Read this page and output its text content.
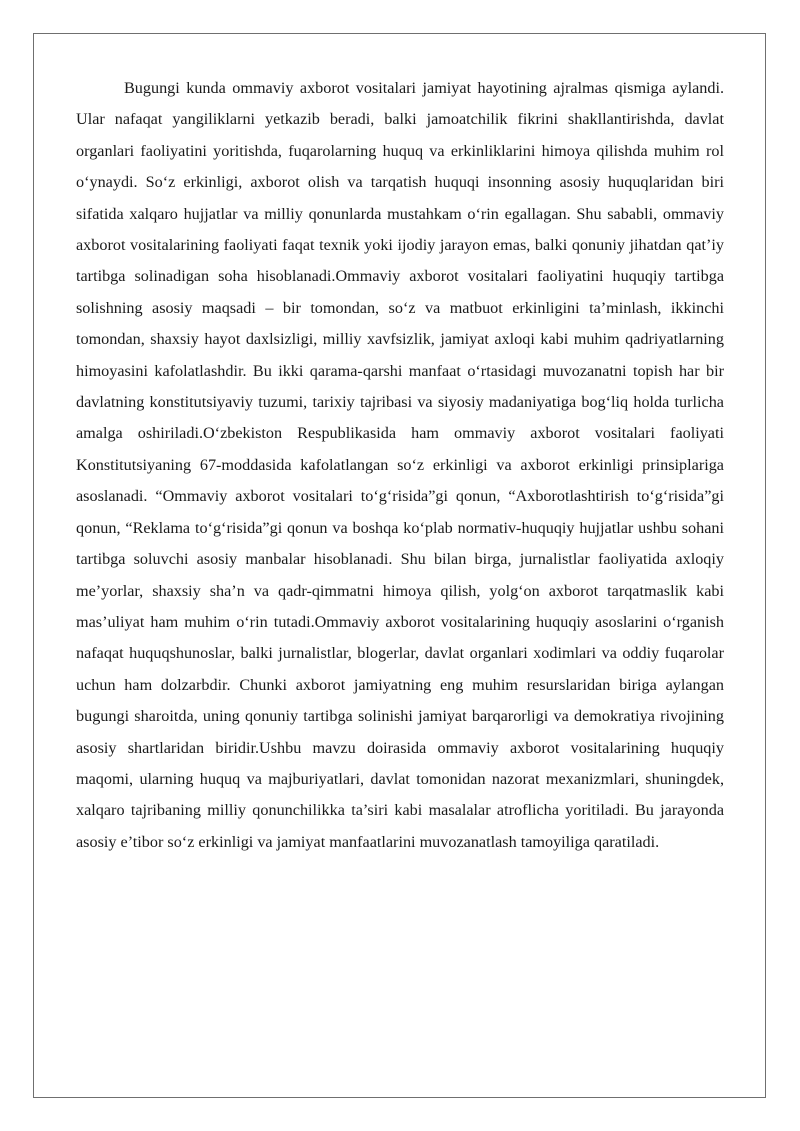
Bugungi kunda ommaviy axborot vositalari jamiyat hayotining ajralmas qismiga aylandi. Ular nafaqat yangiliklarni yetkazib beradi, balki jamoatchilik fikrini shakllantirishda, davlat organlari faoliyatini yoritishda, fuqarolarning huquq va erkinliklarini himoya qilishda muhim rol o‘ynaydi. So‘z erkinligi, axborot olish va tarqatish huquqi insonning asosiy huquqlaridan biri sifatida xalqaro hujjatlar va milliy qonunlarda mustahkam o‘rin egallagan. Shu sababli, ommaviy axborot vositalarining faoliyati faqat texnik yoki ijodiy jarayon emas, balki qonuniy jihatdan qat’iy tartibga solinadigan soha hisoblanadi.Ommaviy axborot vositalari faoliyatini huquqiy tartibga solishning asosiy maqsadi – bir tomondan, so‘z va matbuot erkinligini ta’minlash, ikkinchi tomondan, shaxsiy hayot daxlsizligi, milliy xavfsizlik, jamiyat axloqi kabi muhim qadriyatlarning himoyasini kafolatlashdir. Bu ikki qarama-qarshi manfaat o‘rtasidagi muvozanatni topish har bir davlatning konstitutsiyaviy tuzumi, tarixiy tajribasi va siyosiy madaniyatiga bog‘liq holda turlicha amalga oshiriladi.O‘zbekiston Respublikasida ham ommaviy axborot vositalari faoliyati Konstitutsiyaning 67-moddasida kafolatlangan so‘z erkinligi va axborot erkinligi prinsiplariga asoslanadi. “Ommaviy axborot vositalari to‘g‘risida”gi qonun, “Axborotlashtirish to‘g‘risida”gi qonun, “Reklama to‘g‘risida”gi qonun va boshqa ko‘plab normativ-huquqiy hujjatlar ushbu sohani tartibga soluvchi asosiy manbalar hisoblanadi. Shu bilan birga, jurnalistlar faoliyatida axloqiy me’yorlar, shaxsiy sha’n va qadr-qimmatni himoya qilish, yolg‘on axborot tarqatmaslik kabi mas’uliyat ham muhim o‘rin tutadi.Ommaviy axborot vositalarining huquqiy asoslarini o‘rganish nafaqat huquqshunoslar, balki jurnalistlar, blogerlar, davlat organlari xodimlari va oddiy fuqarolar uchun ham dolzarbdir. Chunki axborot jamiyatning eng muhim resurslaridan biriga aylangan bugungi sharoitda, uning qonuniy tartibga solinishi jamiyat barqarorligi va demokratiya rivojining asosiy shartlaridan biridir.Ushbu mavzu doirasida ommaviy axborot vositalarining huquqiy maqomi, ularning huquq va majburiyatlari, davlat tomonidan nazorat mexanizmlari, shuningdek, xalqaro tajribaning milliy qonunchilikka ta’siri kabi masalalar atroflicha yoritiladi. Bu jarayonda asosiy e’tibor so‘z erkinligi va jamiyat manfaatlarini muvozanatlash tamoyiliga qaratiladi.
